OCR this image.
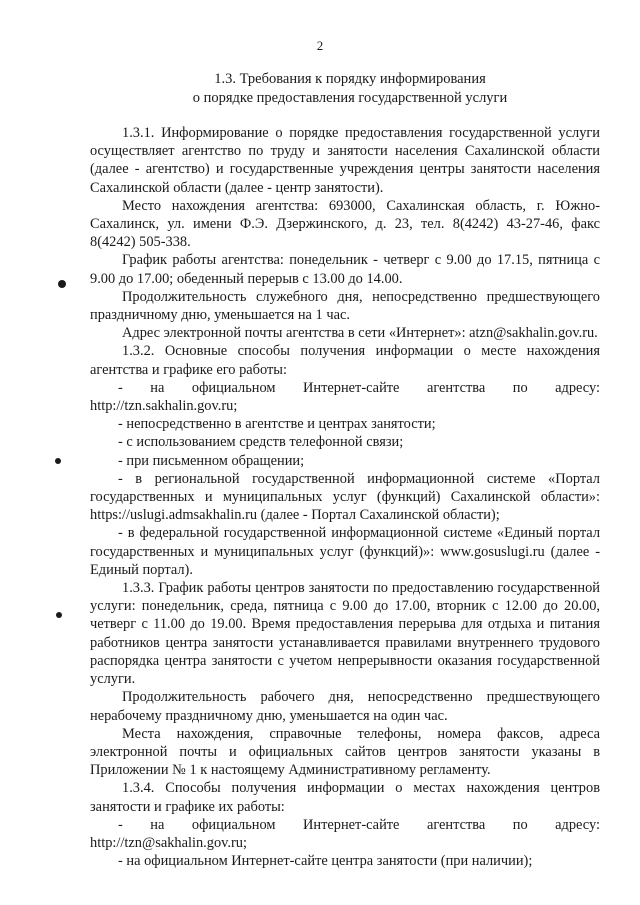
2
1.3. Требования к порядку информирования
о порядке предоставления государственной услуги

1.3.1. Информирование о порядке предоставления государственной услуги осуществляет агентство по труду и занятости населения Сахалинской области (далее - агентство) и государственные учреждения центры занятости населения Сахалинской области (далее - центр занятости).

Место нахождения агентства: 693000, Сахалинская область, г. Южно-Сахалинск, ул. имени Ф.Э. Дзержинского, д. 23, тел. 8(4242) 43-27-46, факс 8(4242) 505-338.

График работы агентства: понедельник - четверг с 9.00 до 17.15, пятница с 9.00 до 17.00; обеденный перерыв с 13.00 до 14.00.

Продолжительность служебного дня, непосредственно предшествующего праздничному дню, уменьшается на 1 час.

Адрес электронной почты агентства в сети «Интернет»: atzn@sakhalin.gov.ru.

1.3.2. Основные способы получения информации о месте нахождения агентства и графике его работы:

- на официальном Интернет-сайте агентства по адресу: http://tzn.sakhalin.gov.ru;

- непосредственно в агентстве и центрах занятости;

- с использованием средств телефонной связи;

- при письменном обращении;

- в региональной государственной информационной системе «Портал государственных и муниципальных услуг (функций) Сахалинской области»: https://uslugi.admsakhalin.ru (далее - Портал Сахалинской области);

- в федеральной государственной информационной системе «Единый портал государственных и муниципальных услуг (функций)»: www.gosuslugi.ru (далее - Единый портал).

1.3.3. График работы центров занятости по предоставлению государственной услуги: понедельник, среда, пятница с 9.00 до 17.00, вторник с 12.00 до 20.00, четверг с 11.00 до 19.00. Время предоставления перерыва для отдыха и питания работников центра занятости устанавливается правилами внутреннего трудового распорядка центра занятости с учетом непрерывности оказания государственной услуги.

Продолжительность рабочего дня, непосредственно предшествующего нерабочему праздничному дню, уменьшается на один час.

Места нахождения, справочные телефоны, номера факсов, адреса электронной почты и официальных сайтов центров занятости указаны в Приложении № 1 к настоящему Административному регламенту.

1.3.4. Способы получения информации о местах нахождения центров занятости и графике их работы:

- на официальном Интернет-сайте агентства по адресу: http://tzn@sakhalin.gov.ru;

- на официальном Интернет-сайте центра занятости (при наличии);
